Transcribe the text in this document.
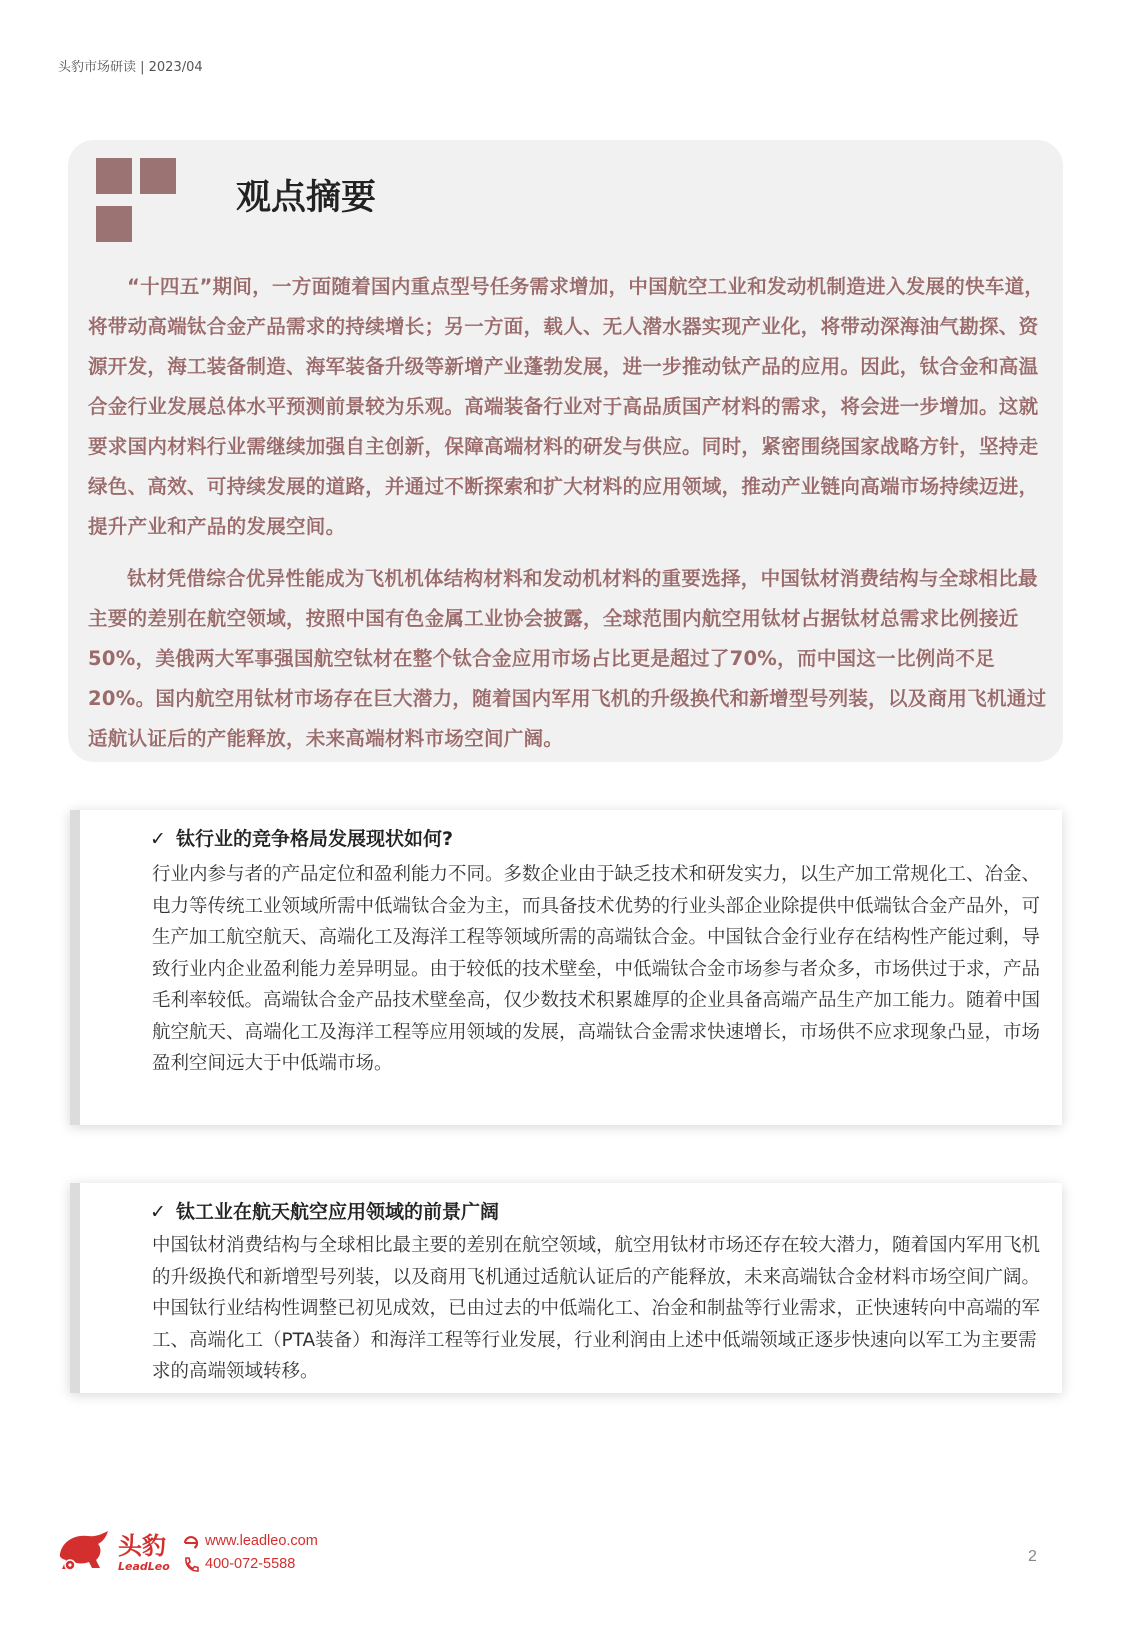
头豹市场研读 | 2023/04
观点摘要

“十四五”期间，一方面随着国内重点型号任务需求增加，中国航空工业和发动机制造进入发展的快车道，将带动高端钛合金产品需求的持续增长；另一方面，载人、无人潜水器实现产业化，将带动深海油气勘探、资源开发，海工装备制造、海军装备升级等新增产业蓬勃发展，进一步推动钛产品的应用。因此，钛合金和高温合金行业发展总体水平预测前景较为乐观。高端装备行业对于高品质国产材料的需求，将会进一步增加。这就要求国内材料行业需继续加强自主创新，保障高端材料的研发与供应。同时，紧密围绕国家战略方针，坚持走绿色、高效、可持续发展的道路，并通过不断探索和扩大材料的应用领域，推动产业链向高端市场持续迈进，提升产业和产品的发展空间。

钛材凭借综合优异性能成为飞机机体结构材料和发动机材料的重要选择，中国钛材消费结构与全球相比最主要的差别在航空领域，按照中国有色金属工业协会披露，全球范围内航空用钛材占据钛材总需求比例接近50%，美俄两大军事强国航空钛材在整个钛合金应用市场占比更是超过了70%，而中国这一比例尚不足20%。国内航空用钛材市场存在巨大潜力，随着国内军用飞机的升级换代和新增型号列装，以及商用飞机通过适航认证后的产能释放，未来高端材料市场空间广阔。

✓ 钛行业的竞争格局发展现状如何?

行业内参与者的产品定位和盈利能力不同。多数企业由于缺乏技术和研发实力，以生产加工常规化工、冶金、电力等传统工业领域所需中低端钛合金为主，而具备技术优势的行业头部企业除提供中低端钛合金产品外，可生产加工航空航天、高端化工及海洋工程等领域所需的高端钛合金。中国钛合金行业存在结构性产能过剩，导致行业内企业盈利能力差异明显。由于较低的技术壁垒，中低端钛合金市场参与者众多，市场供过于求，产品毛利率较低。高端钛合金产品技术壁垒高，仅少数技术积累雄厚的企业具备高端产品生产加工能力。随着中国航空航天、高端化工及海洋工程等应用领域的发展，高端钛合金需求快速增长，市场供不应求现象凸显，市场盈利空间远大于中低端市场。

✓ 钛工业在航天航空应用领域的前景广阔

中国钛材消费结构与全球相比最主要的差别在航空领域，航空用钛材市场还存在较大潜力，随着国内军用飞机的升级换代和新增型号列装，以及商用飞机通过适航认证后的产能释放，未来高端钛合金材料市场空间广阔。中国钛行业结构性调整已初见成效，已由过去的中低端化工、冶金和制盐等行业需求，正快速转向中高端的军工、高端化工（PTA装备）和海洋工程等行业发展，行业利润由上述中低端领域正逐步快速向以军工为主要需求的高端领域转移。

头豹
LeadLeo
www.leadleo.com
400-072-5588	2
